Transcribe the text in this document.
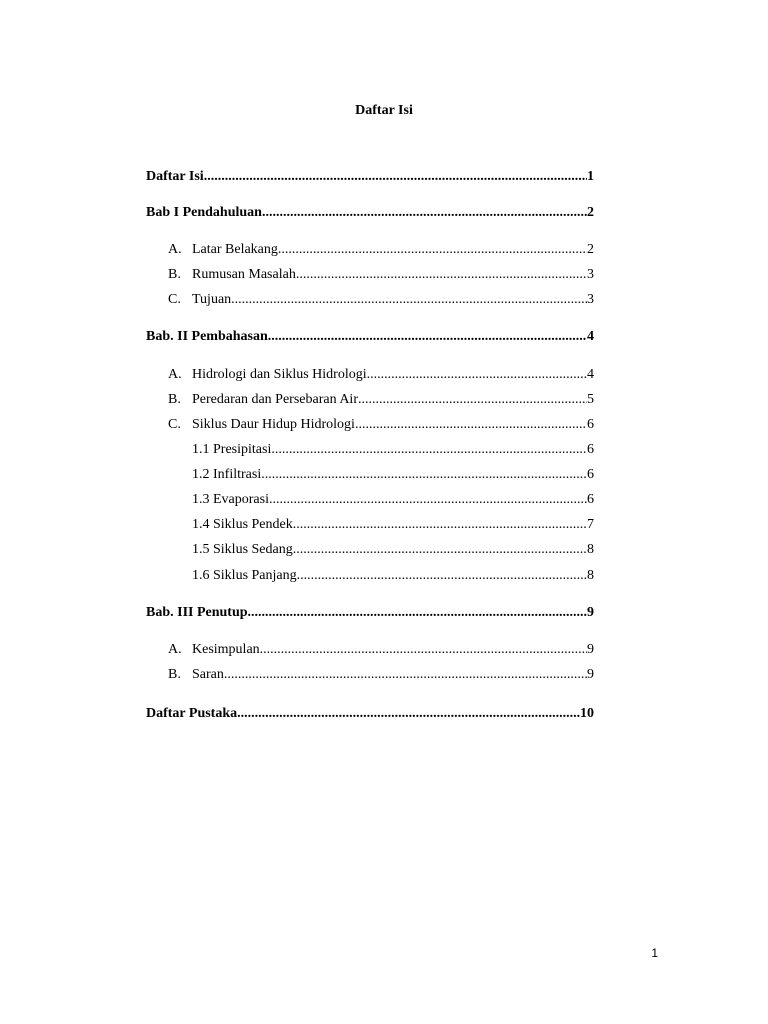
Daftar Isi
Daftar Isi .....	1
Bab I Pendahuluan .....	2
A. Latar Belakang .....	2
B. Rumusan Masalah .....	3
C. Tujuan .....	3
Bab. II Pembahasan .....	4
A. Hidrologi dan Siklus Hidrologi .....	4
B. Peredaran dan Persebaran Air .....	5
C. Siklus Daur Hidup Hidrologi .....	6
1.1 Presipitasi .....	6
1.2 Infiltrasi .....	6
1.3 Evaporasi .....	6
1.4 Siklus Pendek .....	7
1.5 Siklus Sedang .....	8
1.6 Siklus Panjang .....	8
Bab. III Penutup .....	9
A. Kesimpulan .....	9
B. Saran .....	9
Daftar Pustaka .....	10
1
